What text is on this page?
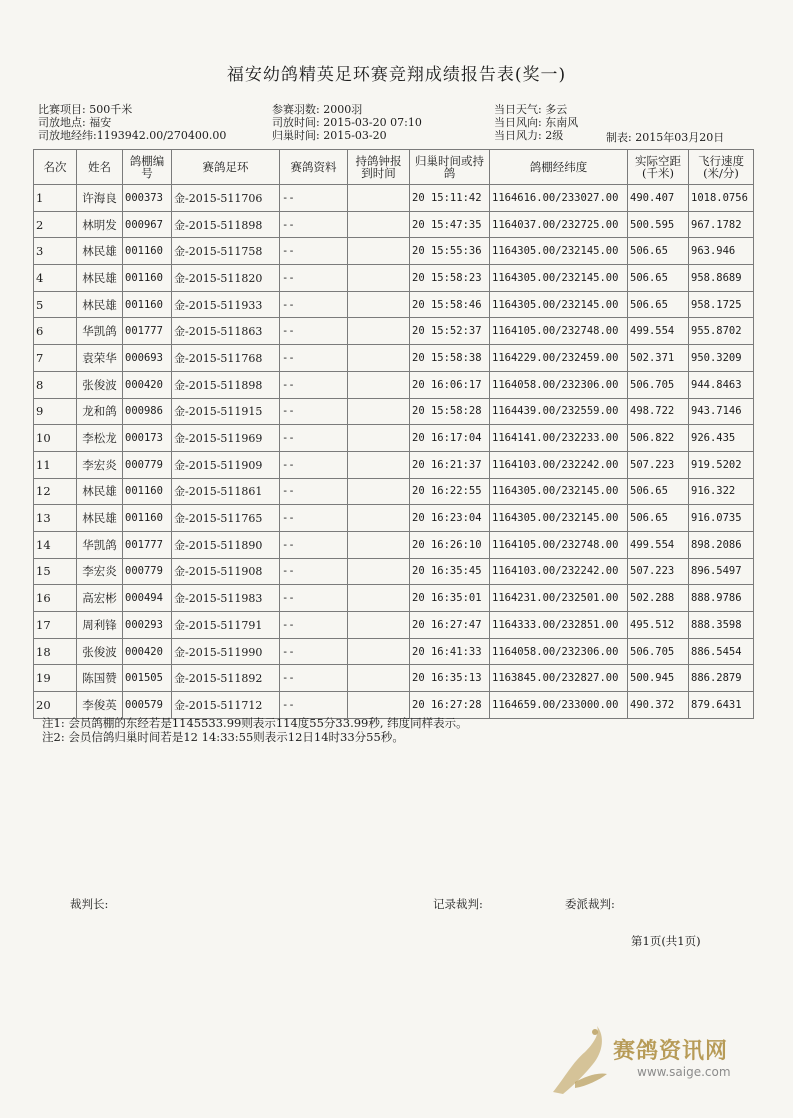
福安幼鸽精英足环赛竞翔成绩报告表(奖一)
比赛项目: 500千米
司放地点: 福安
司放地经纬:1193942.00/270400.00
参赛羽数: 2000羽
司放时间: 2015-03-20 07:10
归巢时间: 2015-03-20
当日天气: 多云
当日风向: 东南风
当日风力: 2级	制表: 2015年03月20日
名次	姓名	鸽棚编号	赛鸽足环	赛鸽资料	持鸽钟报到时间	归巢时间或持鸽	鸽棚经纬度	实际空距(千米)	飞行速度(米/分)
1	许海良	000373	金-2015-511706	--		20 15:11:42	1164616.00/233027.00	490.407	1018.0756
2	林明发	000967	金-2015-511898	--		20 15:47:35	1164037.00/232725.00	500.595	967.1782
3	林民雄	001160	金-2015-511758	--		20 15:55:36	1164305.00/232145.00	506.65	963.946
4	林民雄	001160	金-2015-511820	--		20 15:58:23	1164305.00/232145.00	506.65	958.8689
5	林民雄	001160	金-2015-511933	--		20 15:58:46	1164305.00/232145.00	506.65	958.1725
6	华凯鸽	001777	金-2015-511863	--		20 15:52:37	1164105.00/232748.00	499.554	955.8702
7	袁荣华	000693	金-2015-511768	--		20 15:58:38	1164229.00/232459.00	502.371	950.3209
8	张俊波	000420	金-2015-511898	--		20 16:06:17	1164058.00/232306.00	506.705	944.8463
9	龙和鸽	000986	金-2015-511915	--		20 15:58:28	1164439.00/232559.00	498.722	943.7146
10	李松龙	000173	金-2015-511969	--		20 16:17:04	1164141.00/232233.00	506.822	926.435
11	李宏炎	000779	金-2015-511909	--		20 16:21:37	1164103.00/232242.00	507.223	919.5202
12	林民雄	001160	金-2015-511861	--		20 16:22:55	1164305.00/232145.00	506.65	916.322
13	林民雄	001160	金-2015-511765	--		20 16:23:04	1164305.00/232145.00	506.65	916.0735
14	华凯鸽	001777	金-2015-511890	--		20 16:26:10	1164105.00/232748.00	499.554	898.2086
15	李宏炎	000779	金-2015-511908	--		20 16:35:45	1164103.00/232242.00	507.223	896.5497
16	高宏彬	000494	金-2015-511983	--		20 16:35:01	1164231.00/232501.00	502.288	888.9786
17	周利锋	000293	金-2015-511791	--		20 16:27:47	1164333.00/232851.00	495.512	888.3598
18	张俊波	000420	金-2015-511990	--		20 16:41:33	1164058.00/232306.00	506.705	886.5454
19	陈国赞	001505	金-2015-511892	--		20 16:35:13	1163845.00/232827.00	500.945	886.2879
20	李俊英	000579	金-2015-511712	--		20 16:27:28	1164659.00/233000.00	490.372	879.6431
注1: 会员鸽棚的东经若是1145533.99则表示114度55分33.99秒, 纬度同样表示。
注2: 会员信鸽归巢时间若是12 14:33:55则表示12日14时33分55秒。
裁判长:	记录裁判:	委派裁判:
第1页(共1页)
赛鸽资讯网
www.saige.com
